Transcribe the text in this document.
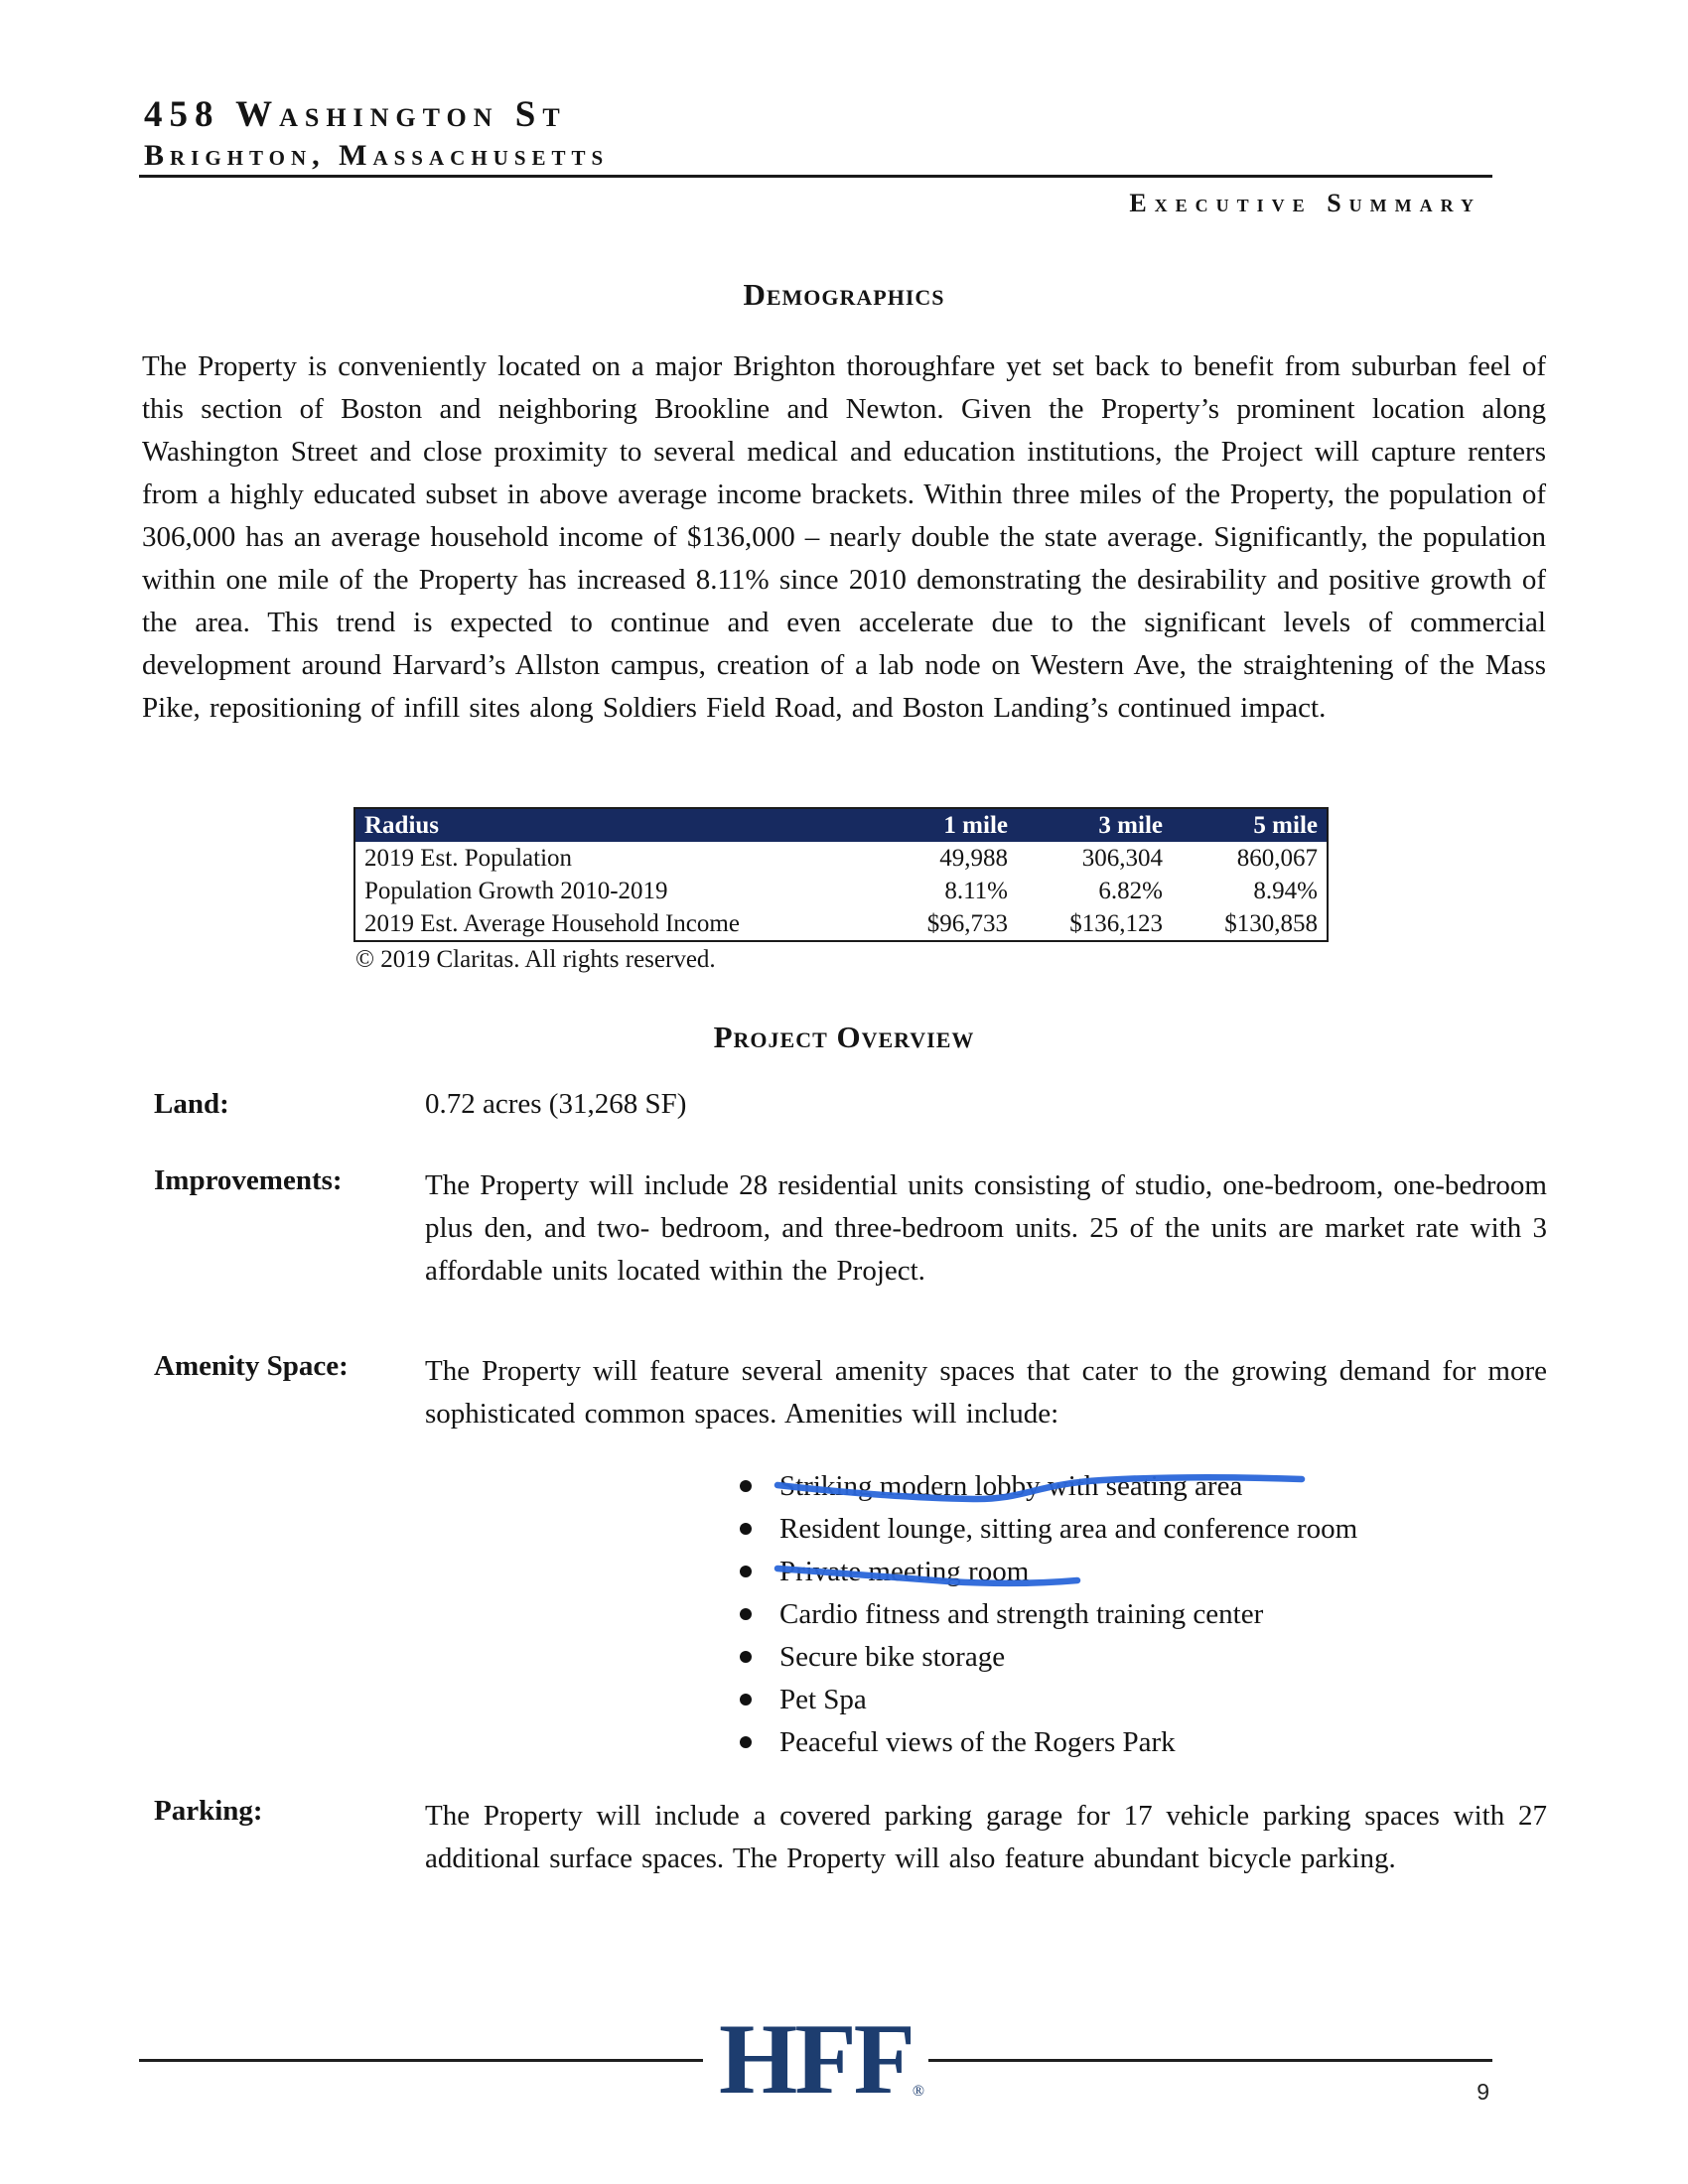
458 Washington St
Brighton, Massachusetts
Executive Summary
Demographics
The Property is conveniently located on a major Brighton thoroughfare yet set back to benefit from suburban feel of this section of Boston and neighboring Brookline and Newton. Given the Property’s prominent location along Washington Street and close proximity to several medical and education institutions, the Project will capture renters from a highly educated subset in above average income brackets. Within three miles of the Property, the population of 306,000 has an average household income of $136,000 – nearly double the state average. Significantly, the population within one mile of the Property has increased 8.11% since 2010 demonstrating the desirability and positive growth of the area. This trend is expected to continue and even accelerate due to the significant levels of commercial development around Harvard’s Allston campus, creation of a lab node on Western Ave, the straightening of the Mass Pike, repositioning of infill sites along Soldiers Field Road, and Boston Landing’s continued impact.
Radius	1 mile	3 mile	5 mile
2019 Est. Population	49,988	306,304	860,067
Population Growth 2010-2019	8.11%	6.82%	8.94%
2019 Est. Average Household Income	$96,733	$136,123	$130,858
© 2019 Claritas. All rights reserved.
Project Overview
Land:	0.72 acres (31,268 SF)
Improvements:	The Property will include 28 residential units consisting of studio, one-bedroom, one-bedroom plus den, and two- bedroom, and three-bedroom units. 25 of the units are market rate with 3 affordable units located within the Project.
Amenity Space:	The Property will feature several amenity spaces that cater to the growing demand for more sophisticated common spaces. Amenities will include:
Striking modern lobby with seating area
Resident lounge, sitting area and conference room
Private meeting room
Cardio fitness and strength training center
Secure bike storage
Pet Spa
Peaceful views of the Rogers Park
Parking:	The Property will include a covered parking garage for 17 vehicle parking spaces with 27 additional surface spaces. The Property will also feature abundant bicycle parking.
HFF ®	9
